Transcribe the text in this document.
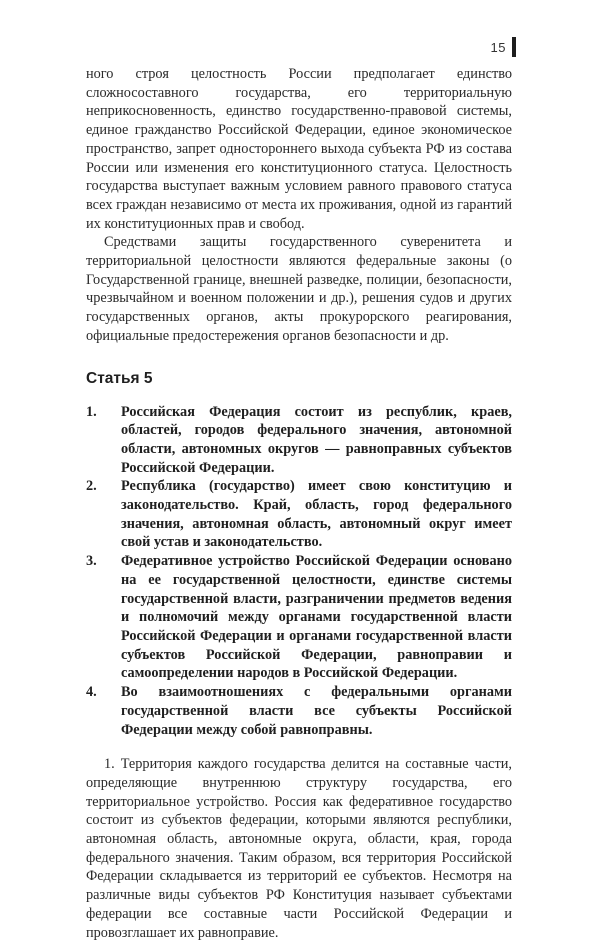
15

ного строя целостность России предполагает единство сложносоставного государства, его территориальную неприкосновенность, единство государственно-правовой системы, единое гражданство Российской Федерации, единое экономическое пространство, запрет одностороннего выхода субъекта РФ из состава России или изменения его конституционного статуса. Целостность государства выступает важным условием равного правового статуса всех граждан независимо от места их проживания, одной из гарантий их конституционных прав и свобод.

Средствами защиты государственного суверенитета и территориальной целостности являются федеральные законы (о Государственной границе, внешней разведке, полиции, безопасности, чрезвычайном и военном положении и др.), решения судов и других государственных органов, акты прокурорского реагирования, официальные предостережения органов безопасности и др.

Статья 5
1. Российская Федерация состоит из республик, краев, областей, городов федерального значения, автономной области, автономных округов — равноправных субъектов Российской Федерации.
2. Республика (государство) имеет свою конституцию и законодательство. Край, область, город федерального значения, автономная область, автономный округ имеет свой устав и законодательство.
3. Федеративное устройство Российской Федерации основано на ее государственной целостности, единстве системы государственной власти, разграничении предметов ведения и полномочий между органами государственной власти Российской Федерации и органами государственной власти субъектов Российской Федерации, равноправии и самоопределении народов в Российской Федерации.
4. Во взаимоотношениях с федеральными органами государственной власти все субъекты Российской Федерации между собой равноправны.

1. Территория каждого государства делится на составные части, определяющие внутреннюю структуру государства, его территориальное устройство. Россия как федеративное государство состоит из субъектов федерации, которыми являются республики, автономная область, автономные округа, области, края, города федерального значения. Таким образом, вся территория Российской Федерации складывается из территорий ее субъектов. Несмотря на различные виды субъектов РФ Конституция называет субъектами федерации все составные части Российской Федерации и провозглашает их равноправие.
